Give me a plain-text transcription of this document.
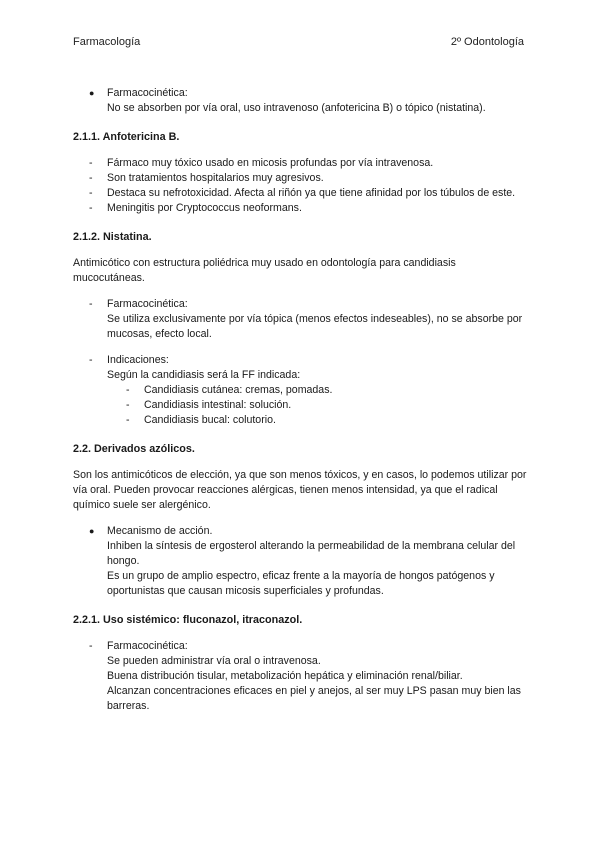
Farmacología	2º Odontología
● Farmacocinética:
No se absorben por vía oral, uso intravenoso (anfotericina B) o tópico (nistatina).
2.1.1. Anfotericina B.
- Fármaco muy tóxico usado en micosis profundas por vía intravenosa.
- Son tratamientos hospitalarios muy agresivos.
- Destaca su nefrotoxicidad. Afecta al riñón ya que tiene afinidad por los túbulos de este.
- Meningitis por Cryptococcus neoformans.
2.1.2. Nistatina.
Antimicótico con estructura poliédrica muy usado en odontología para candidiasis mucocutáneas.
- Farmacocinética:
Se utiliza exclusivamente por vía tópica (menos efectos indeseables), no se absorbe por mucosas, efecto local.
- Indicaciones:
Según la candidiasis será la FF indicada:
- Candidiasis cutánea: cremas, pomadas.
- Candidiasis intestinal: solución.
- Candidiasis bucal: colutorio.
2.2. Derivados azólicos.
Son los antimicóticos de elección, ya que son menos tóxicos, y en casos, lo podemos utilizar por vía oral. Pueden provocar reacciones alérgicas, tienen menos intensidad, ya que el radical químico suele ser alergénico.
● Mecanismo de acción.
Inhiben la síntesis de ergosterol alterando la permeabilidad de la membrana celular del hongo.
Es un grupo de amplio espectro, eficaz frente a la mayoría de hongos patógenos y oportunistas que causan micosis superficiales y profundas.
2.2.1. Uso sistémico: fluconazol, itraconazol.
- Farmacocinética:
Se pueden administrar vía oral o intravenosa.
Buena distribución tisular, metabolización hepática y eliminación renal/biliar.
Alcanzan concentraciones eficaces en piel y anejos, al ser muy LPS pasan muy bien las barreras.
